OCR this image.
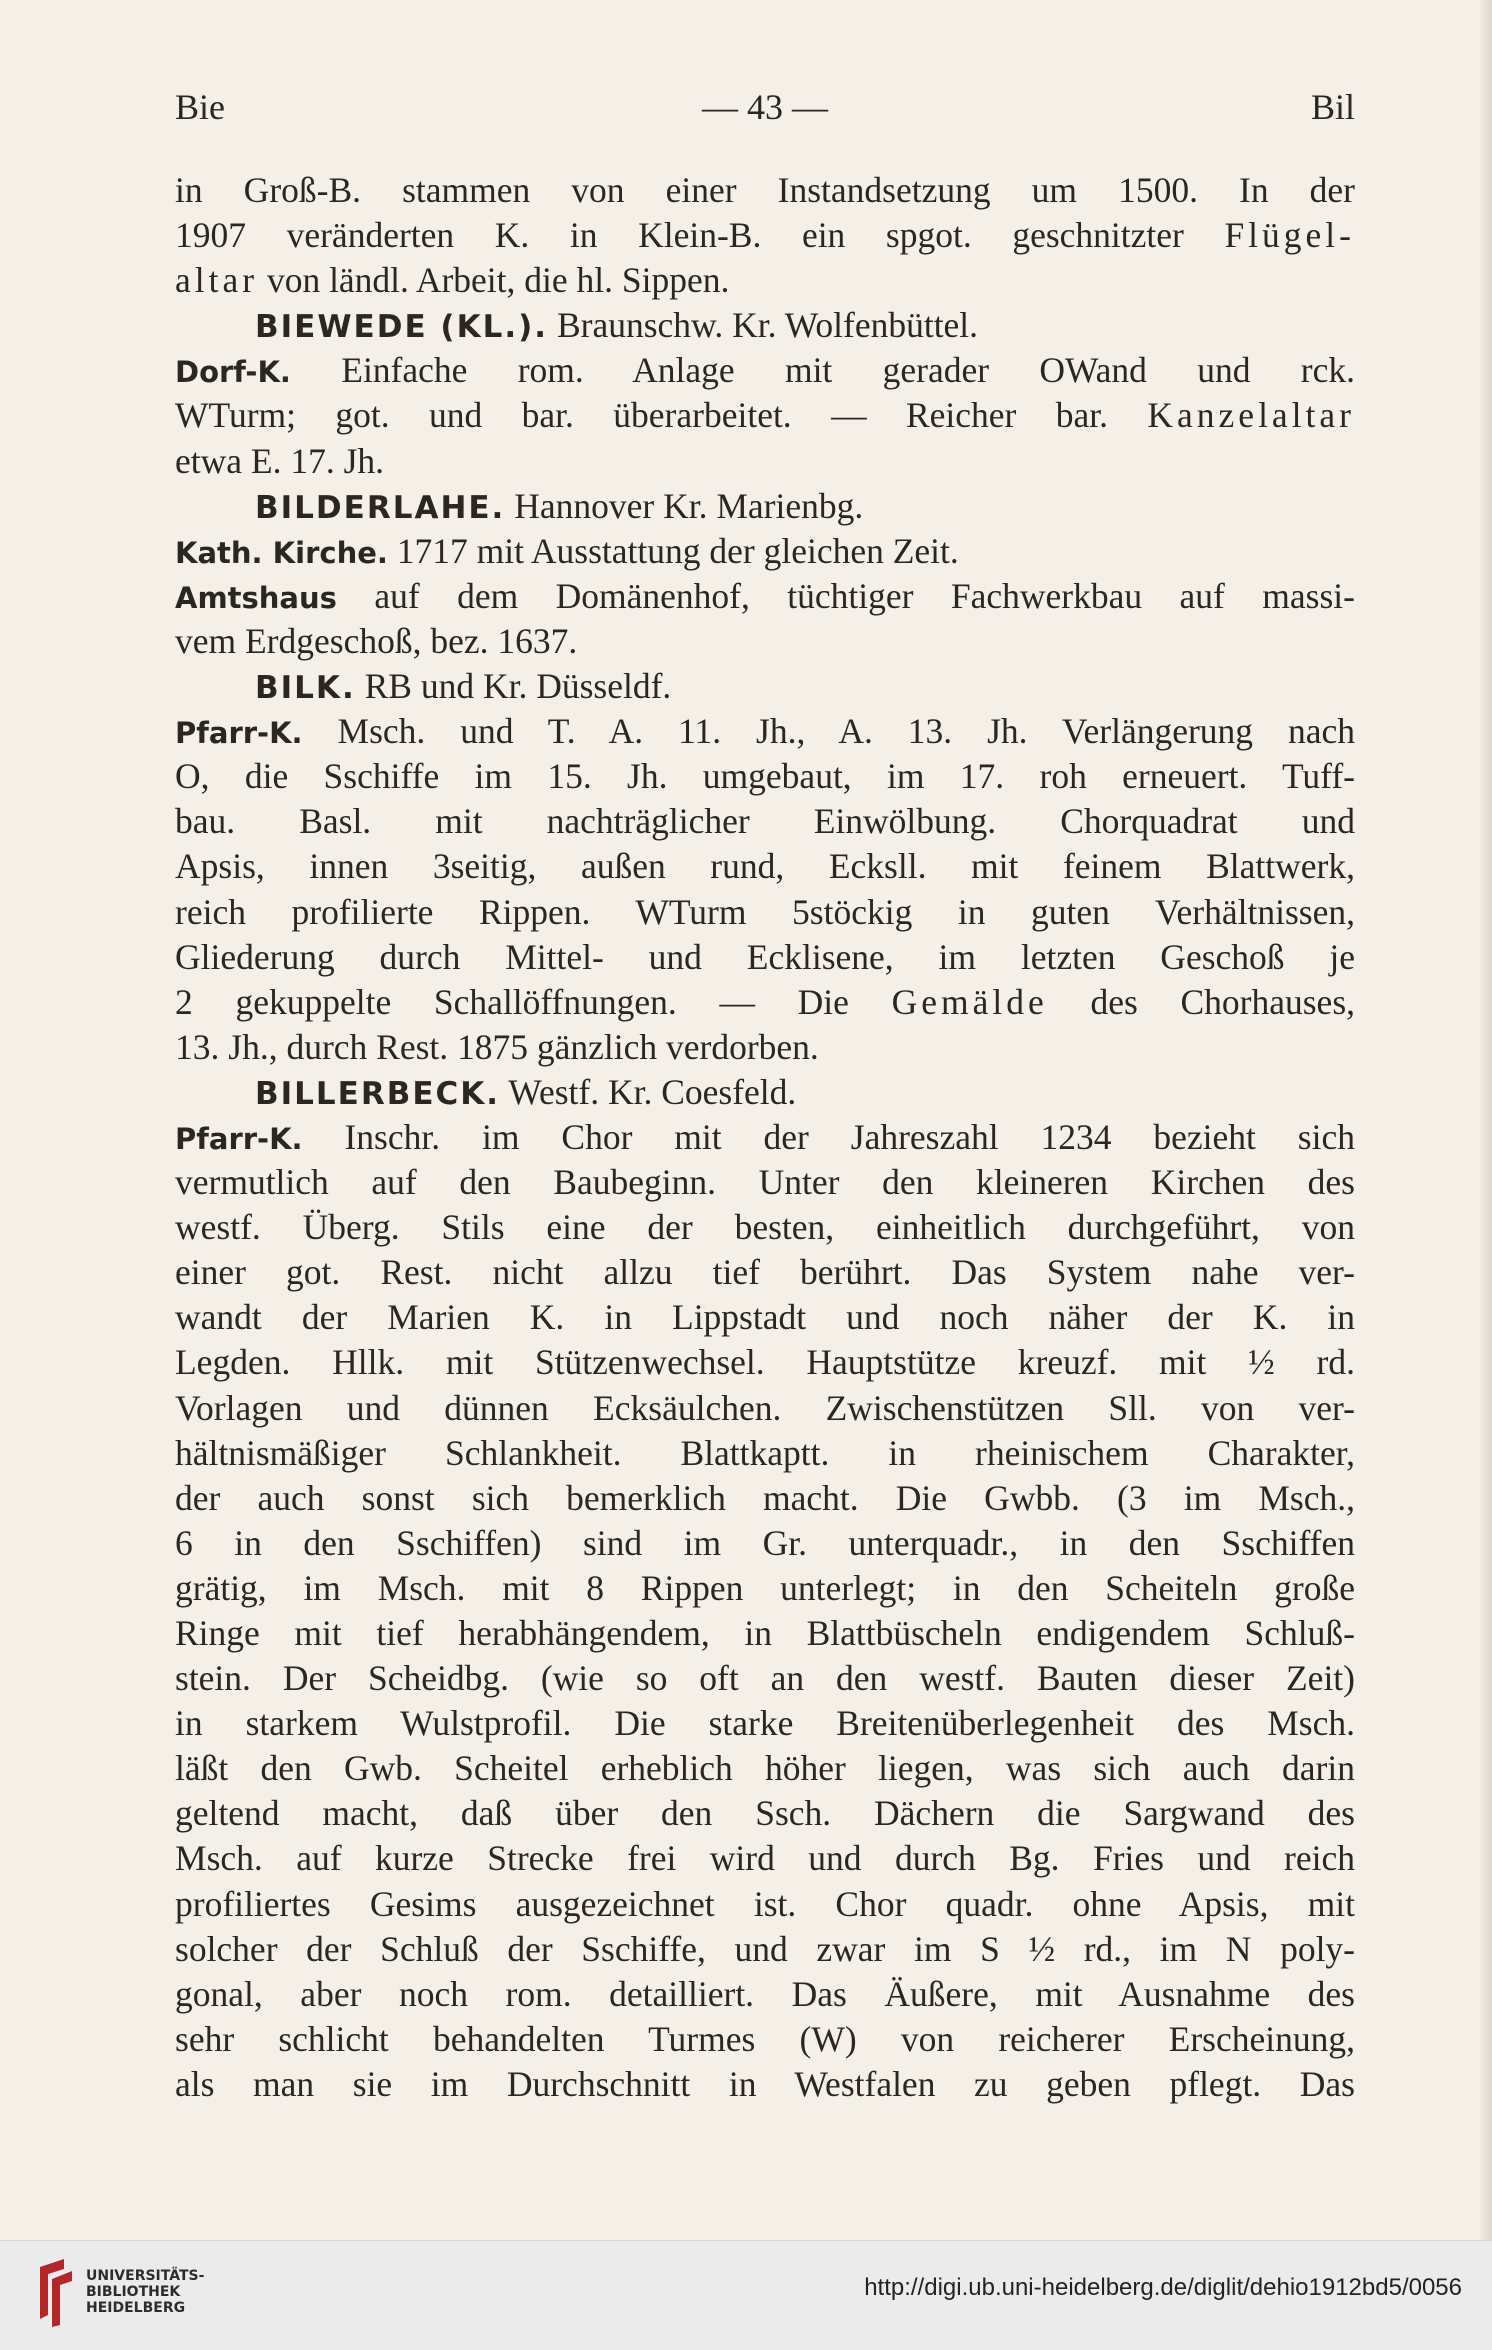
Bie	— 43 —	Bil
in Groß-B. stammen von einer Instandsetzung um 1500. In der
1907 veränderten K. in Klein-B. ein spgot. geschnitzter Flügel-
altar von ländl. Arbeit, die hl. Sippen.
BIEWEDE (KL.). Braunschw. Kr. Wolfenbüttel.
Dorf-K. Einfache rom. Anlage mit gerader OWand und rck.
WTurm; got. und bar. überarbeitet. — Reicher bar. Kanzelaltar
etwa E. 17. Jh.
BILDERLAHE. Hannover Kr. Marienbg.
Kath. Kirche. 1717 mit Ausstattung der gleichen Zeit.
Amtshaus auf dem Domänenhof, tüchtiger Fachwerkbau auf massi-
vem Erdgeschoß, bez. 1637.
BILK. RB und Kr. Düsseldf.
Pfarr-K. Msch. und T. A. 11. Jh., A. 13. Jh. Verlängerung nach
O, die Sschiffe im 15. Jh. umgebaut, im 17. roh erneuert. Tuff-
bau. Basl. mit nachträglicher Einwölbung. Chorquadrat und
Apsis, innen 3seitig, außen rund, Ecksll. mit feinem Blattwerk,
reich profilierte Rippen. WTurm 5stöckig in guten Verhältnissen,
Gliederung durch Mittel- und Ecklisene, im letzten Geschoß je
2 gekuppelte Schallöffnungen. — Die Gemälde des Chorhauses,
13. Jh., durch Rest. 1875 gänzlich verdorben.
BILLERBECK. Westf. Kr. Coesfeld.
Pfarr-K. Inschr. im Chor mit der Jahreszahl 1234 bezieht sich
vermutlich auf den Baubeginn. Unter den kleineren Kirchen des
westf. Überg. Stils eine der besten, einheitlich durchgeführt, von
einer got. Rest. nicht allzu tief berührt. Das System nahe ver-
wandt der Marien K. in Lippstadt und noch näher der K. in
Legden. Hllk. mit Stützenwechsel. Hauptstütze kreuzf. mit ½ rd.
Vorlagen und dünnen Ecksäulchen. Zwischenstützen Sll. von ver-
hältnismäßiger Schlankheit. Blattkaptt. in rheinischem Charakter,
der auch sonst sich bemerklich macht. Die Gwbb. (3 im Msch.,
6 in den Sschiffen) sind im Gr. unterquadr., in den Sschiffen
grätig, im Msch. mit 8 Rippen unterlegt; in den Scheiteln große
Ringe mit tief herabhängendem, in Blattbüscheln endigendem Schluß-
stein. Der Scheidbg. (wie so oft an den westf. Bauten dieser Zeit)
in starkem Wulstprofil. Die starke Breitenüberlegenheit des Msch.
läßt den Gwb. Scheitel erheblich höher liegen, was sich auch darin
geltend macht, daß über den Ssch. Dächern die Sargwand des
Msch. auf kurze Strecke frei wird und durch Bg. Fries und reich
profiliertes Gesims ausgezeichnet ist. Chor quadr. ohne Apsis, mit
solcher der Schluß der Sschiffe, und zwar im S ½ rd., im N poly-
gonal, aber noch rom. detailliert. Das Äußere, mit Ausnahme des
sehr schlicht behandelten Turmes (W) von reicherer Erscheinung,
als man sie im Durchschnitt in Westfalen zu geben pflegt. Das
UNIVERSITÄTS-
BIBLIOTHEK
HEIDELBERG
http://digi.ub.uni-heidelberg.de/diglit/dehio1912bd5/0056
